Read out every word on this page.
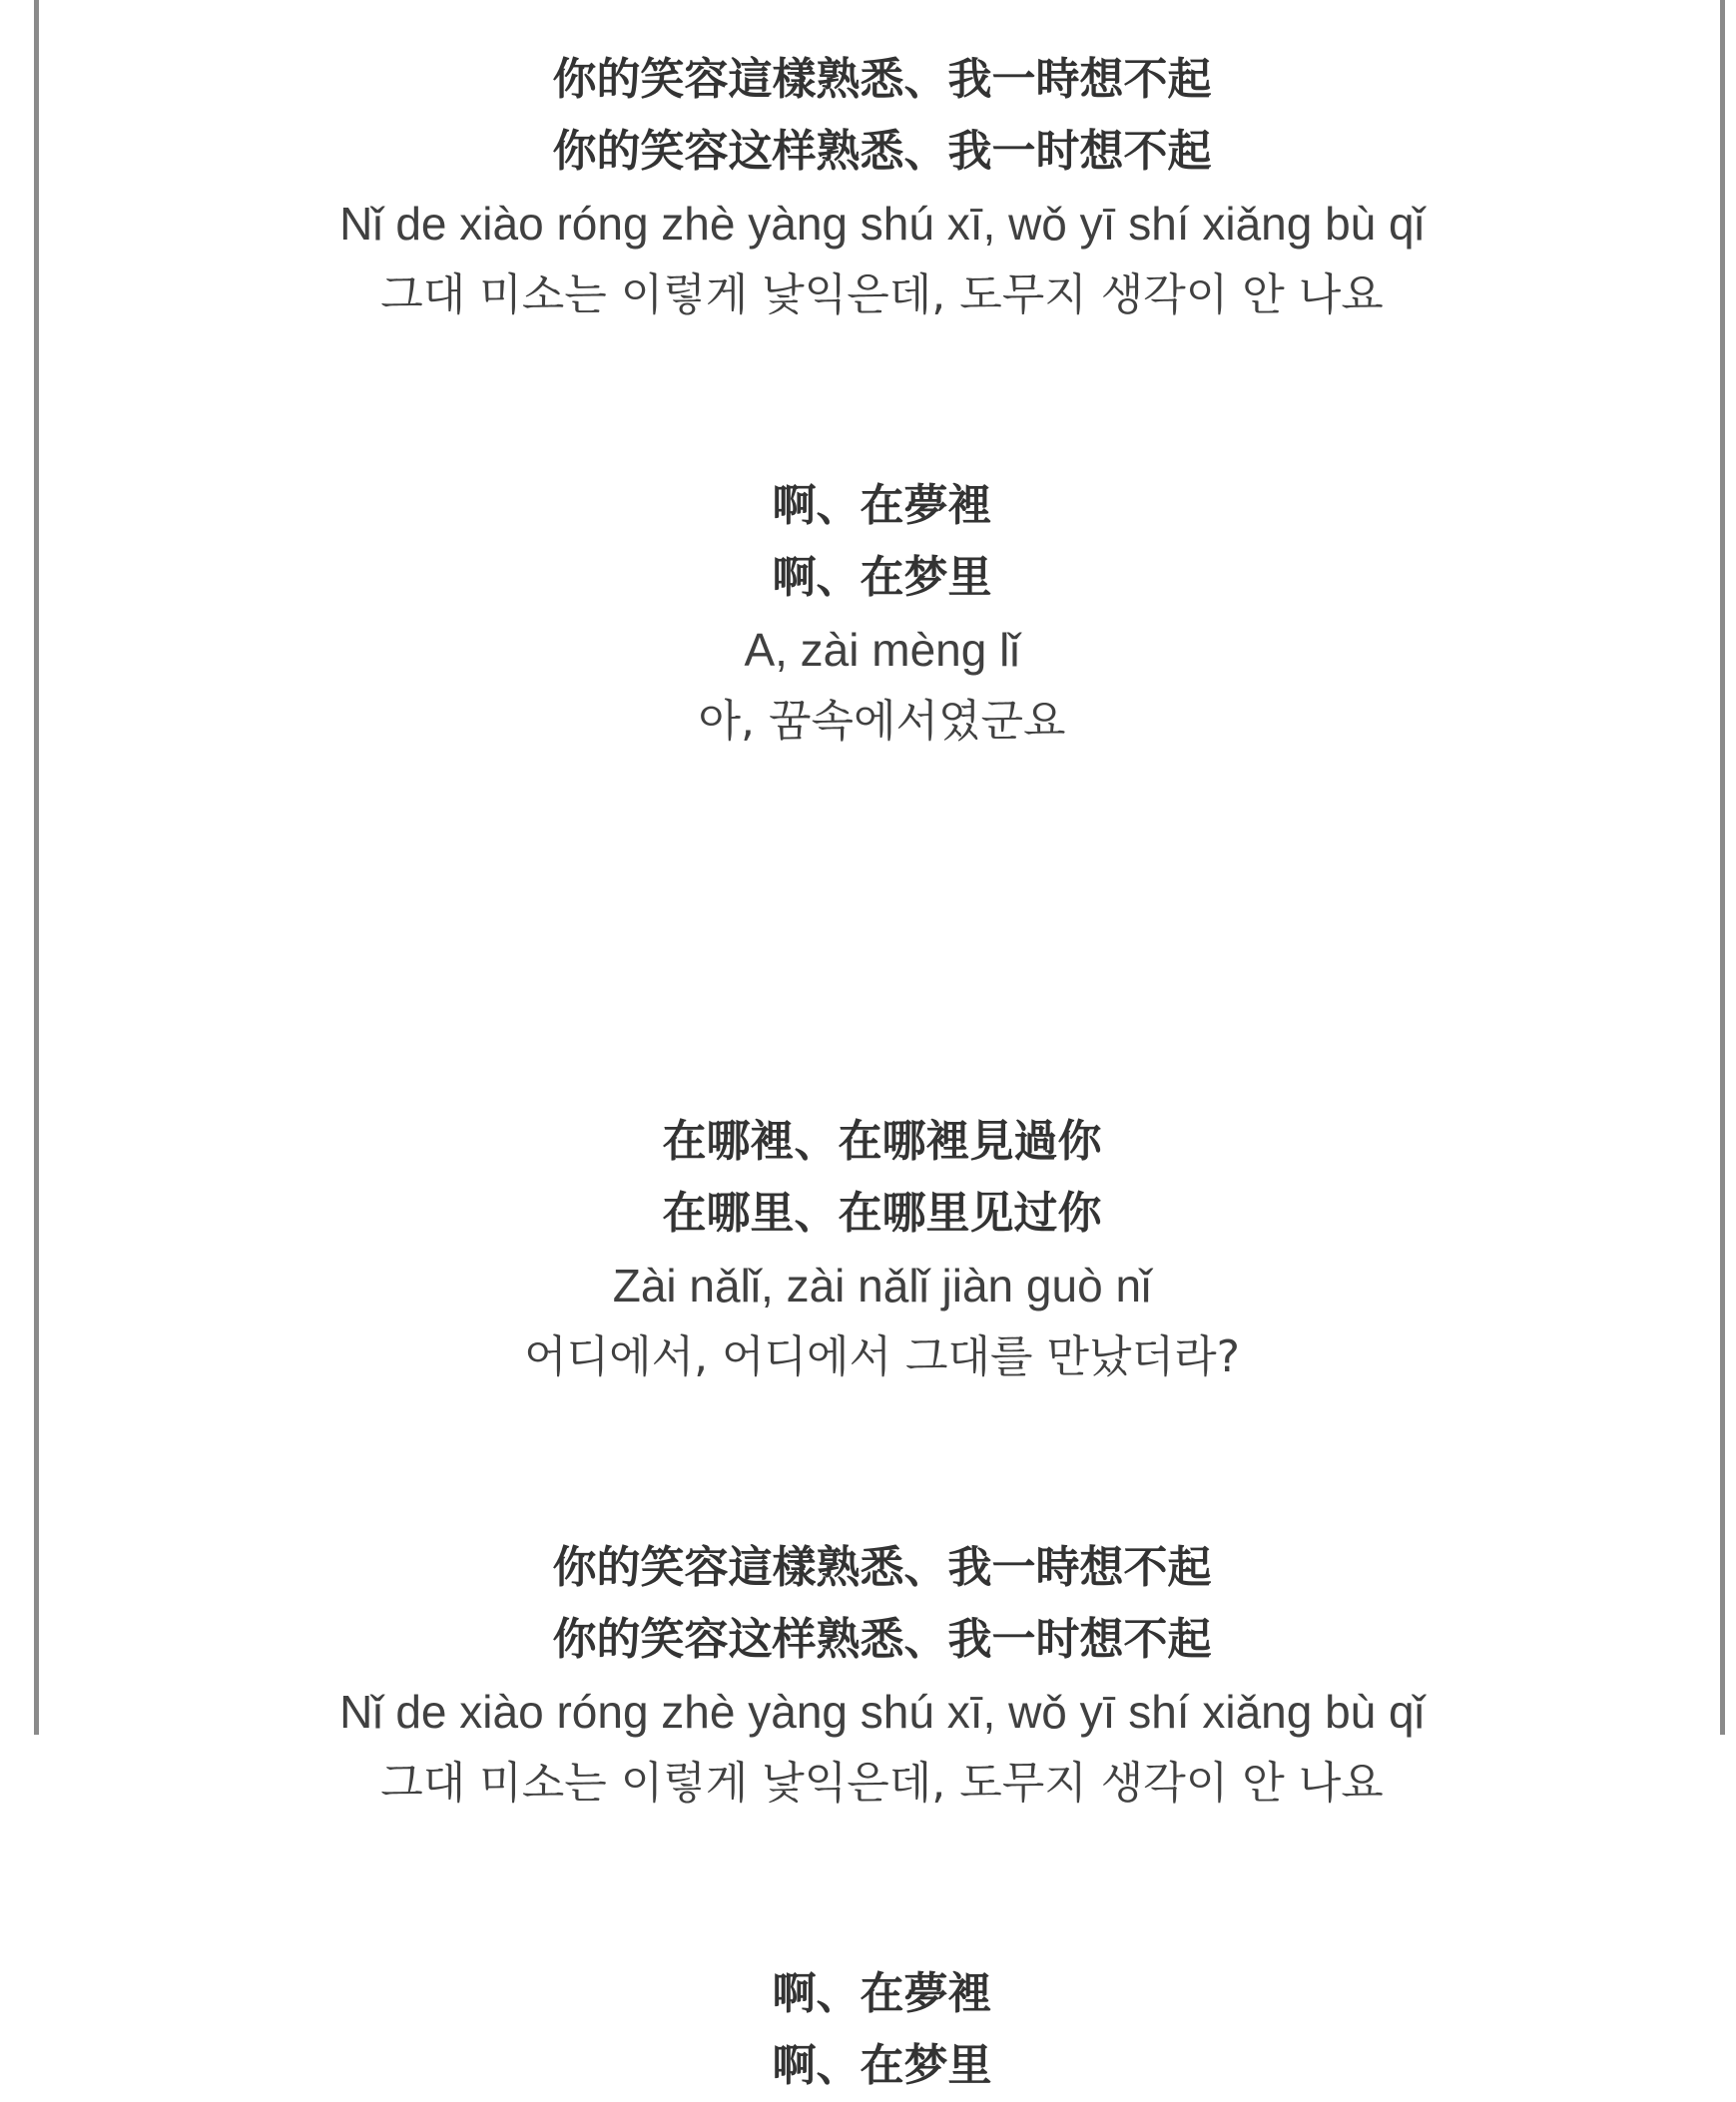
你的笑容這樣熟悉、我一時想不起
你的笑容这样熟悉、我一时想不起
Nǐ de xiào róng zhè yàng shú xī, wǒ yī shí xiǎng bù qǐ
그대 미소는 이렇게 낯익은데, 도무지 생각이 안 나요
啊、在夢裡
啊、在梦里
A, zài mèng lǐ
아, 꿈속에서였군요
在哪裡、在哪裡見過你
在哪里、在哪里见过你
Zài nǎlǐ, zài nǎlǐ jiàn guò nǐ
어디에서, 어디에서 그대를 만났더라?
你的笑容這樣熟悉、我一時想不起
你的笑容这样熟悉、我一时想不起
Nǐ de xiào róng zhè yàng shú xī, wǒ yī shí xiǎng bù qǐ
그대 미소는 이렇게 낯익은데, 도무지 생각이 안 나요
啊、在夢裡
啊、在梦里
